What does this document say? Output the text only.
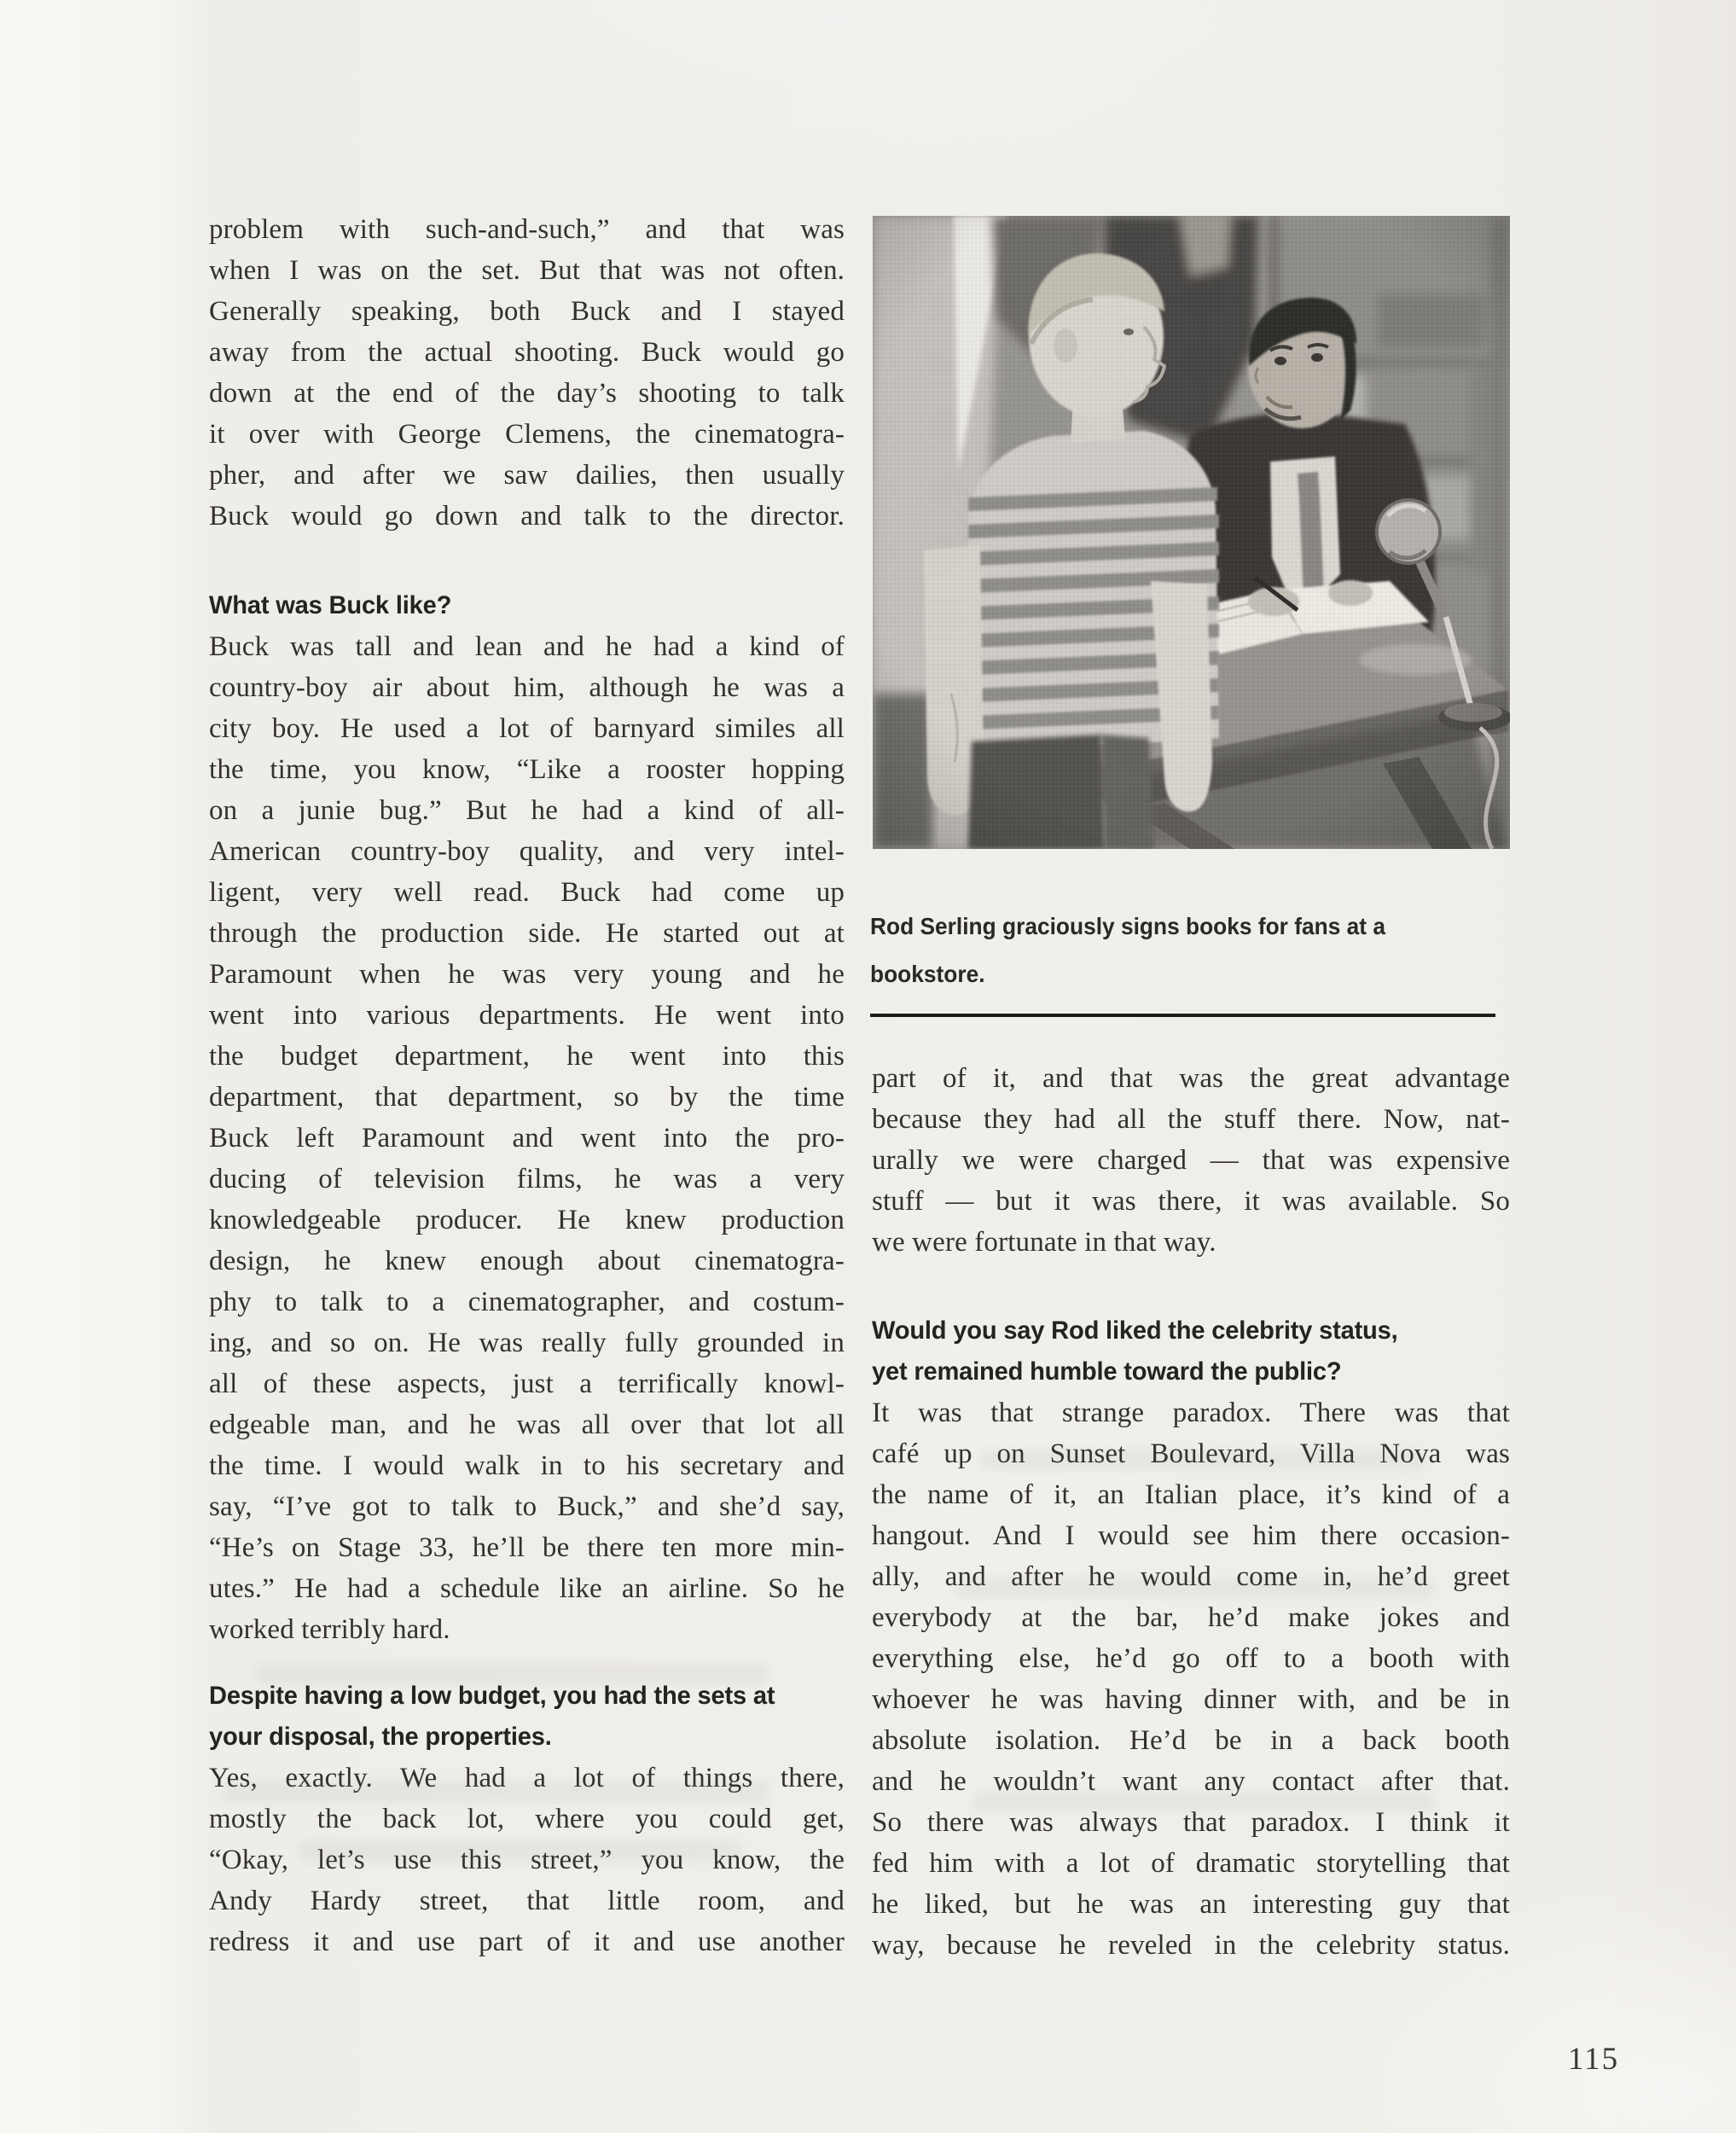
problem with such-and-such,” and that was
when I was on the set. But that was not often.
Generally speaking, both Buck and I stayed
away from the actual shooting. Buck would go
down at the end of the day’s shooting to talk
it over with George Clemens, the cinematogra-
pher, and after we saw dailies, then usually
Buck would go down and talk to the director.
What was Buck like?
Buck was tall and lean and he had a kind of
country-boy air about him, although he was a
city boy. He used a lot of barnyard similes all
the time, you know, “Like a rooster hopping
on a junie bug.” But he had a kind of all-
American country-boy quality, and very intel-
ligent, very well read. Buck had come up
through the production side. He started out at
Paramount when he was very young and he
went into various departments. He went into
the budget department, he went into this
department, that department, so by the time
Buck left Paramount and went into the pro-
ducing of television films, he was a very
knowledgeable producer. He knew production
design, he knew enough about cinematogra-
phy to talk to a cinematographer, and costum-
ing, and so on. He was really fully grounded in
all of these aspects, just a terrifically knowl-
edgeable man, and he was all over that lot all
the time. I would walk in to his secretary and
say, “I’ve got to talk to Buck,” and she’d say,
“He’s on Stage 33, he’ll be there ten more min-
utes.” He had a schedule like an airline. So he
worked terribly hard.
Despite having a low budget, you had the sets at
your disposal, the properties.
Yes, exactly. We had a lot of things there,
mostly the back lot, where you could get,
“Okay, let’s use this street,” you know, the
Andy Hardy street, that little room, and
redress it and use part of it and use another
Rod Serling graciously signs books for fans at a
bookstore.
part of it, and that was the great advantage
because they had all the stuff there. Now, nat-
urally we were charged — that was expensive
stuff — but it was there, it was available. So
we were fortunate in that way.
Would you say Rod liked the celebrity status,
yet remained humble toward the public?
It was that strange paradox. There was that
café up on Sunset Boulevard, Villa Nova was
the name of it, an Italian place, it’s kind of a
hangout. And I would see him there occasion-
ally, and after he would come in, he’d greet
everybody at the bar, he’d make jokes and
everything else, he’d go off to a booth with
whoever he was having dinner with, and be in
absolute isolation. He’d be in a back booth
and he wouldn’t want any contact after that.
So there was always that paradox. I think it
fed him with a lot of dramatic storytelling that
he liked, but he was an interesting guy that
way, because he reveled in the celebrity status.
115
